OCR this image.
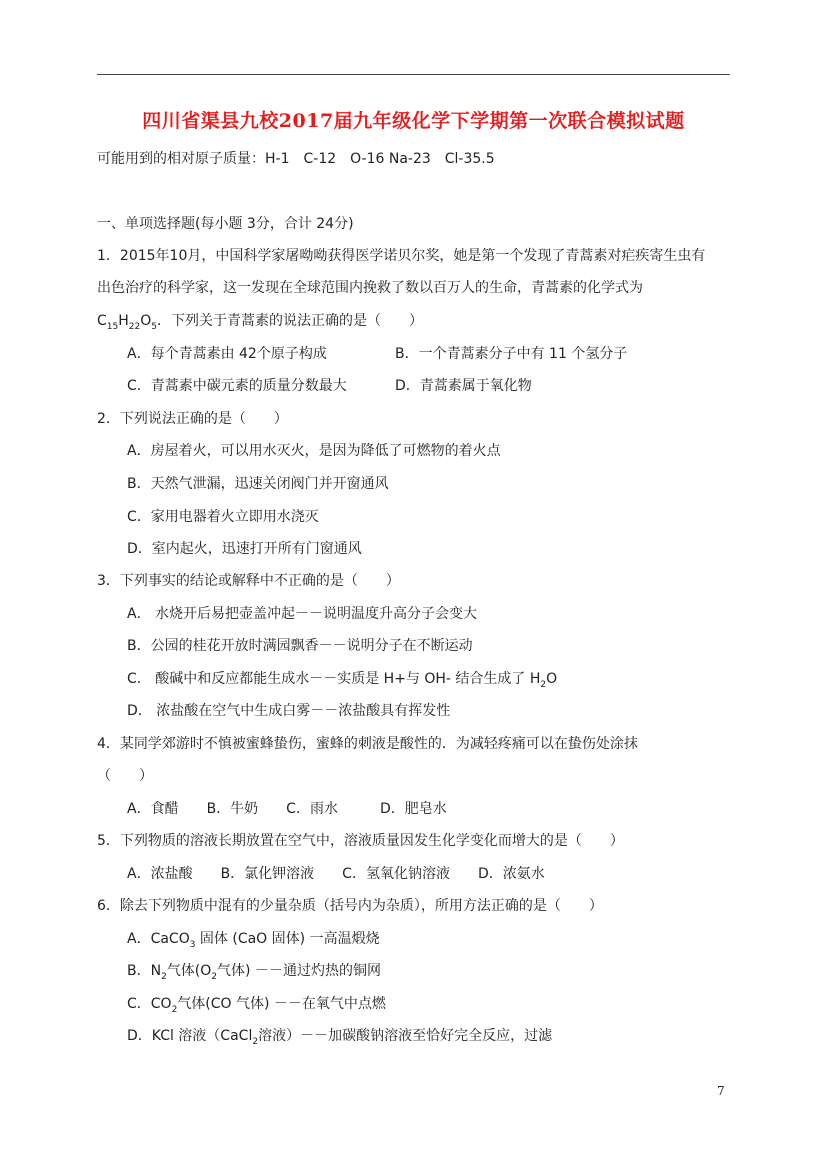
四川省渠县九校2017届九年级化学下学期第一次联合模拟试题
可能用到的相对原子质量：H-1　C-12　O-16 Na-23　Cl-35.5
一、单项选择题(每小题 3分，合计 24分)
1．2015年10月，中国科学家屠呦呦获得医学诺贝尔奖，她是第一个发现了青蒿素对疟疾寄生虫有
出色治疗的科学家，这一发现在全球范围内挽救了数以百万人的生命，青蒿素的化学式为
$C_{15}H_{22}O_5$．下列关于青蒿素的说法正确的是（　　）
A．每个青蒿素由 42个原子构成	B．一个青蒿素分子中有 11 个氢分子
C．青蒿素中碳元素的质量分数最大	D．青蒿素属于氧化物
2．下列说法正确的是（　　）
A．房屋着火，可以用水灭火，是因为降低了可燃物的着火点
B．天然气泄漏，迅速关闭阀门并开窗通风
C．家用电器着火立即用水浇灭
D．室内起火，迅速打开所有门窗通风
3．下列事实的结论或解释中不正确的是（　　）
A． 水烧开后易把壶盖冲起－－说明温度升高分子会变大
B．公园的桂花开放时满园飘香－－说明分子在不断运动
C． 酸碱中和反应都能生成水－－实质是 H+与 OH- 结合生成了 $H_2O$
D． 浓盐酸在空气中生成白雾－－浓盐酸具有挥发性
4．某同学郊游时不慎被蜜蜂蛰伤，蜜蜂的刺液是酸性的．为减轻疼痛可以在蛰伤处涂抹
（　　）
A．食醋　　B．牛奶　　C．雨水　　　D．肥皂水
5．下列物质的溶液长期放置在空气中，溶液质量因发生化学变化而增大的是（　　）
A．浓盐酸　　B．氯化钾溶液　　C．氢氧化钠溶液　　D．浓氨水
6．除去下列物质中混有的少量杂质（括号内为杂质），所用方法正确的是（　　）
A．CaCO$_3$ 固体 (CaO 固体) 一高温煅烧
B．$N_2$气体($O_2$气体) －－通过灼热的铜网
C．$CO_2$气体(CO 气体) －－在氧气中点燃
D．KCl 溶液（CaCl$_2$溶液）－－加碳酸钠溶液至恰好完全反应，过滤
7
